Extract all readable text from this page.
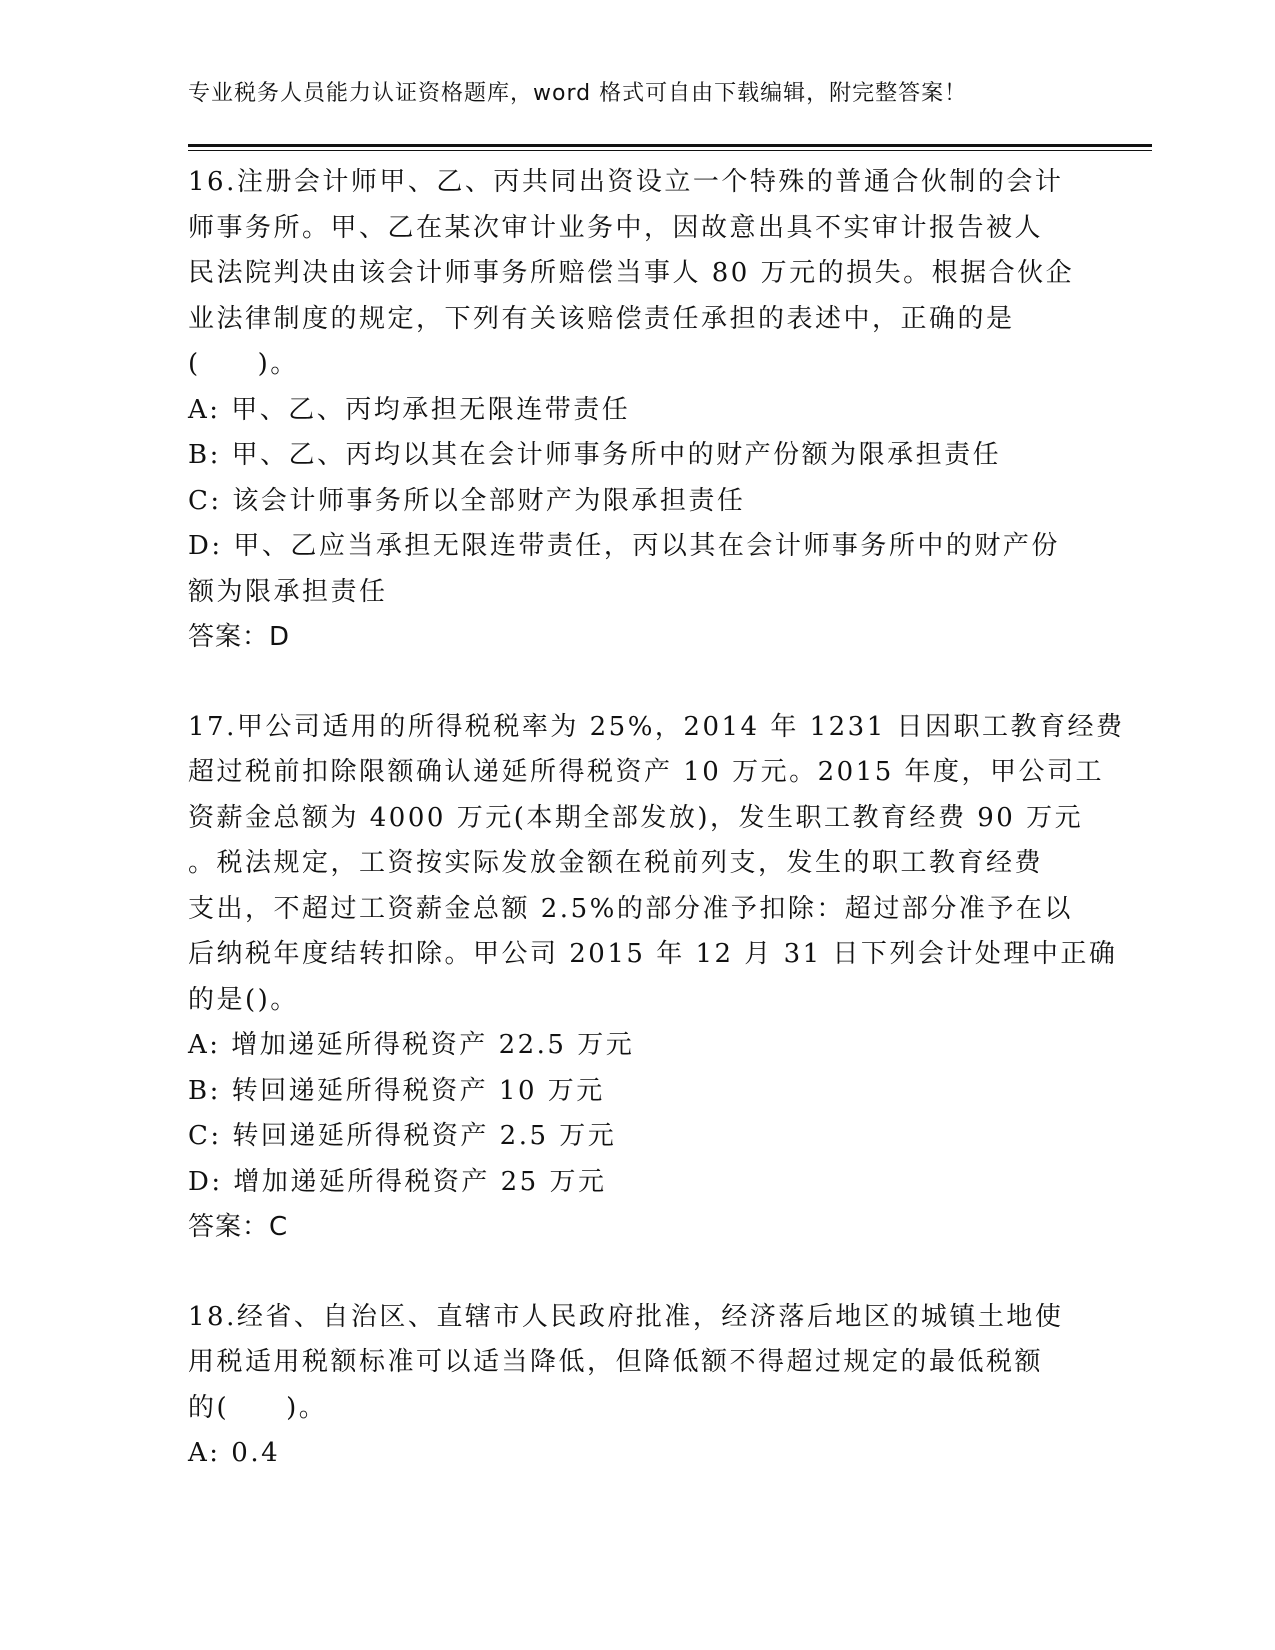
专业税务人员能力认证资格题库，word 格式可自由下载编辑，附完整答案！
16.注册会计师甲、乙、丙共同出资设立一个特殊的普通合伙制的会计
师事务所。甲、乙在某次审计业务中，因故意出具不实审计报告被人
民法院判决由该会计师事务所赔偿当事人 80 万元的损失。根据合伙企
业法律制度的规定，下列有关该赔偿责任承担的表述中，正确的是
(　　)。
A: 甲、乙、丙均承担无限连带责任
B: 甲、乙、丙均以其在会计师事务所中的财产份额为限承担责任
C: 该会计师事务所以全部财产为限承担责任
D: 甲、乙应当承担无限连带责任，丙以其在会计师事务所中的财产份
额为限承担责任
答案：D
17.甲公司适用的所得税税率为 25%，2014 年 1231 日因职工教育经费
超过税前扣除限额确认递延所得税资产 10 万元。2015 年度，甲公司工
资薪金总额为 4000 万元(本期全部发放)，发生职工教育经费 90 万元
。税法规定，工资按实际发放金额在税前列支，发生的职工教育经费
支出，不超过工资薪金总额 2.5%的部分准予扣除：超过部分准予在以
后纳税年度结转扣除。甲公司 2015 年 12 月 31 日下列会计处理中正确
的是()。
A: 增加递延所得税资产 22.5 万元
B: 转回递延所得税资产 10 万元
C: 转回递延所得税资产 2.5 万元
D: 增加递延所得税资产 25 万元
答案：C
18.经省、自治区、直辖市人民政府批准，经济落后地区的城镇土地使
用税适用税额标准可以适当降低，但降低额不得超过规定的最低税额
的(　　)。
A: 0.4
